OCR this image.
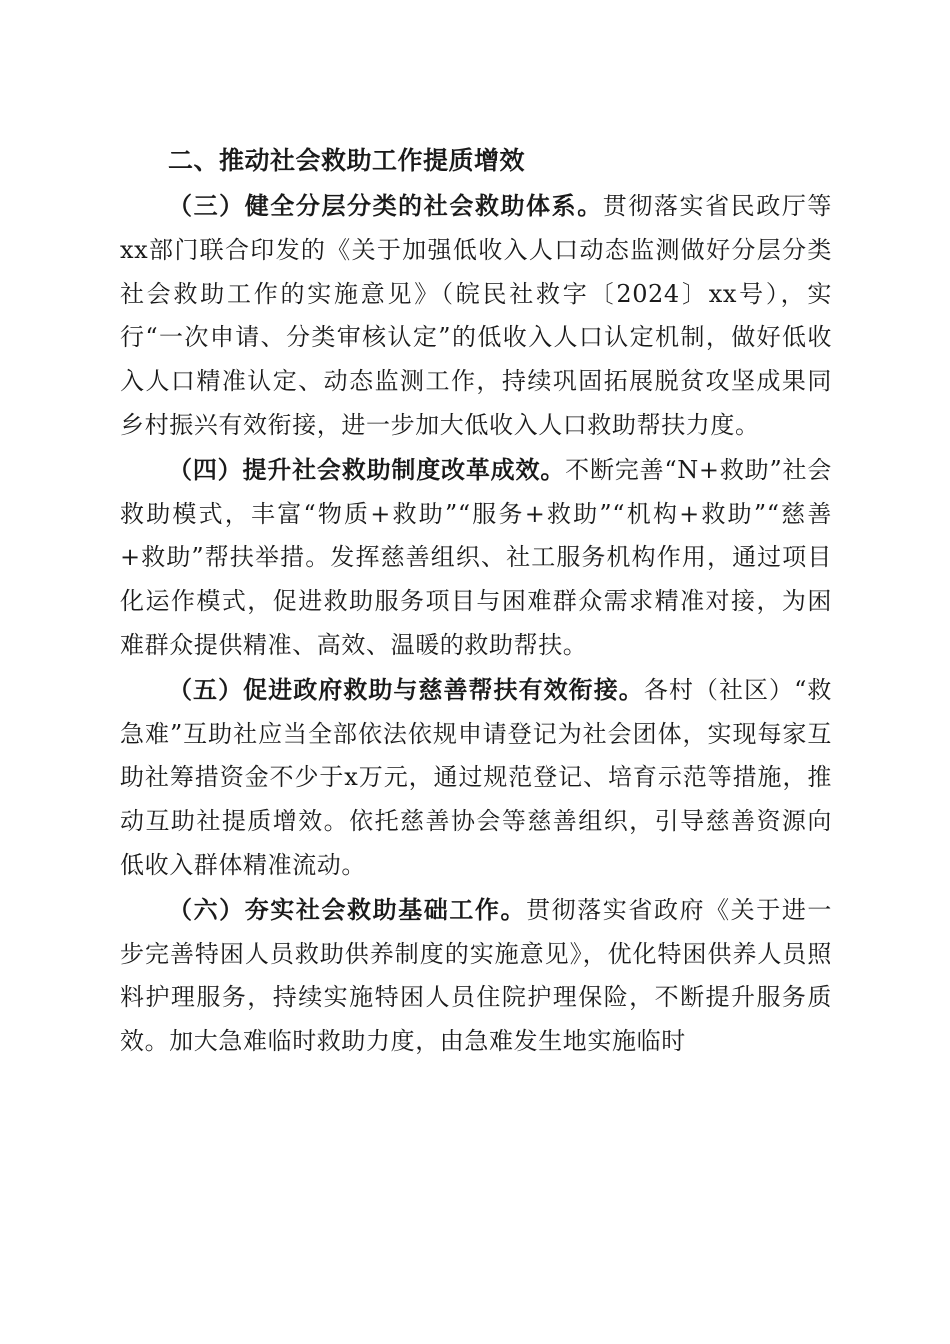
二、推动社会救助工作提质增效

（三）健全分层分类的社会救助体系。贯彻落实省民政厅等xx部门联合印发的《关于加强低收入人口动态监测做好分层分类社会救助工作的实施意见》（皖民社救字〔2024〕xx号），实行“一次申请、分类审核认定”的低收入人口认定机制，做好低收入人口精准认定、动态监测工作，持续巩固拓展脱贫攻坚成果同乡村振兴有效衔接，进一步加大低收入人口救助帮扶力度。

（四）提升社会救助制度改革成效。不断完善“N+救助”社会救助模式，丰富“物质+救助”“服务+救助”“机构+救助”“慈善+救助”帮扶举措。发挥慈善组织、社工服务机构作用，通过项目化运作模式，促进救助服务项目与困难群众需求精准对接，为困难群众提供精准、高效、温暖的救助帮扶。

（五）促进政府救助与慈善帮扶有效衔接。各村（社区）“救急难”互助社应当全部依法依规申请登记为社会团体，实现每家互助社筹措资金不少于x万元，通过规范登记、培育示范等措施，推动互助社提质增效。依托慈善协会等慈善组织，引导慈善资源向低收入群体精准流动。

（六）夯实社会救助基础工作。贯彻落实省政府《关于进一步完善特困人员救助供养制度的实施意见》，优化特困供养人员照料护理服务，持续实施特困人员住院护理保险，不断提升服务质效。加大急难临时救助力度，由急难发生地实施临时
